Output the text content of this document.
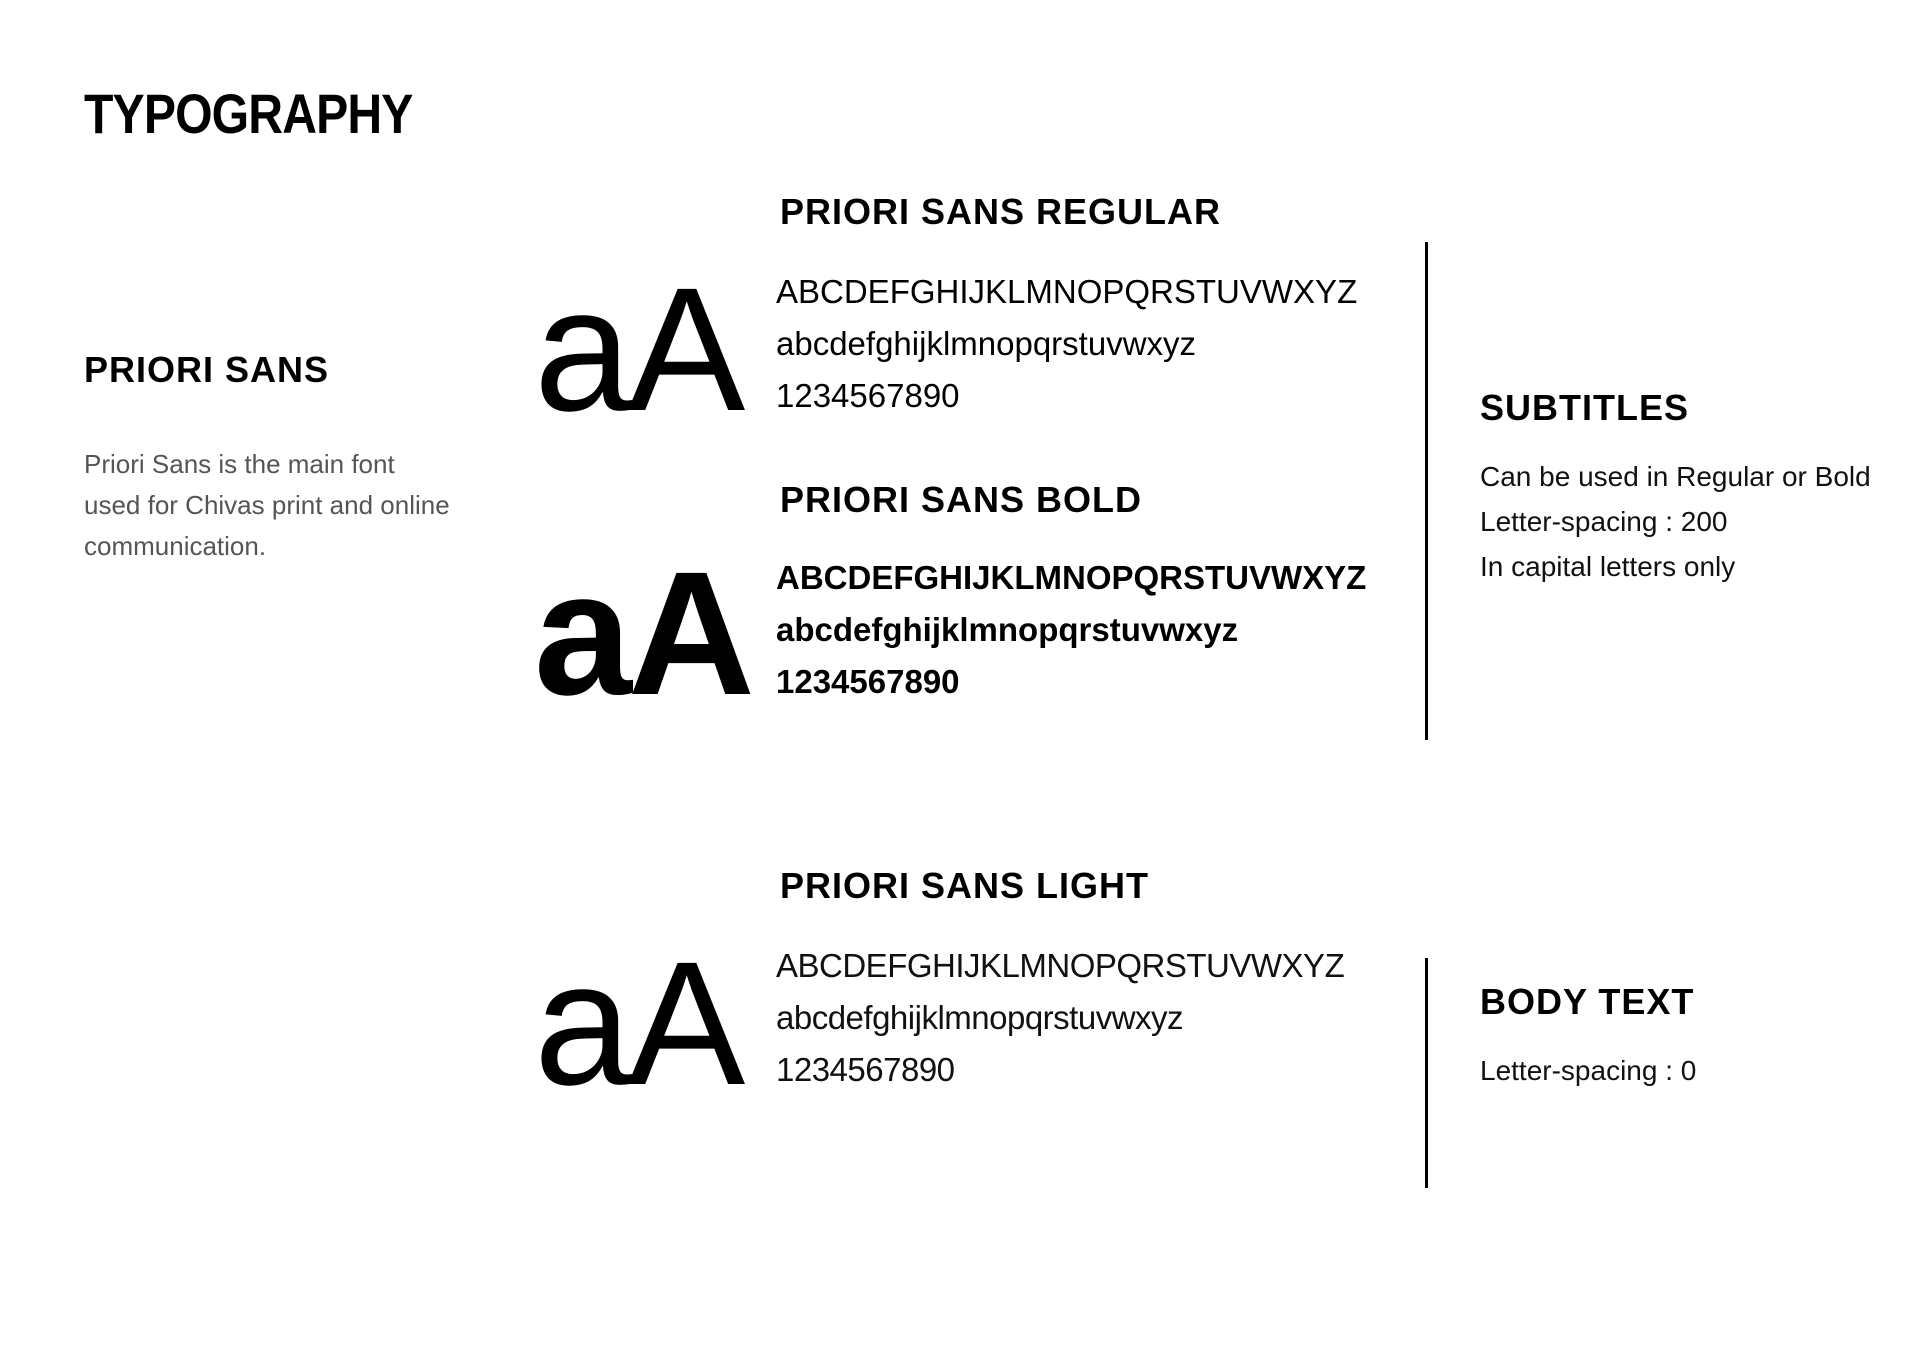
TYPOGRAPHY
PRIORI SANS
Priori Sans is the main font
used for Chivas print and online
communication.
PRIORI SANS REGULAR
aA ABCDEFGHIJKLMNOPQRSTUVWXYZ
abcdefghijklmnopqrstuvwxyz
1234567890
PRIORI SANS BOLD
aA ABCDEFGHIJKLMNOPQRSTUVWXYZ
abcdefghijklmnopqrstuvwxyz
1234567890
PRIORI SANS LIGHT
aA ABCDEFGHIJKLMNOPQRSTUVWXYZ
abcdefghijklmnopqrstuvwxyz
1234567890
SUBTITLES
Can be used in Regular or Bold
Letter-spacing : 200
In capital letters only
BODY TEXT
Letter-spacing : 0
